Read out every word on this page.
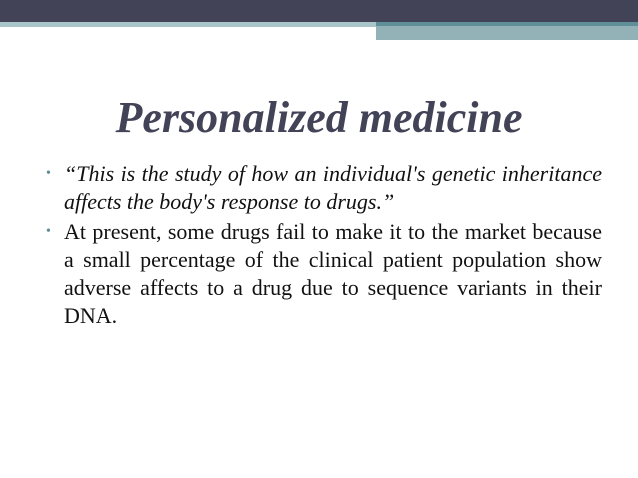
Personalized medicine
• “This is the study of how an individual's genetic inheritance affects the body's response to drugs.”
• At present, some drugs fail to make it to the market because a small percentage of the clinical patient population show adverse affects to a drug due to sequence variants in their DNA.
